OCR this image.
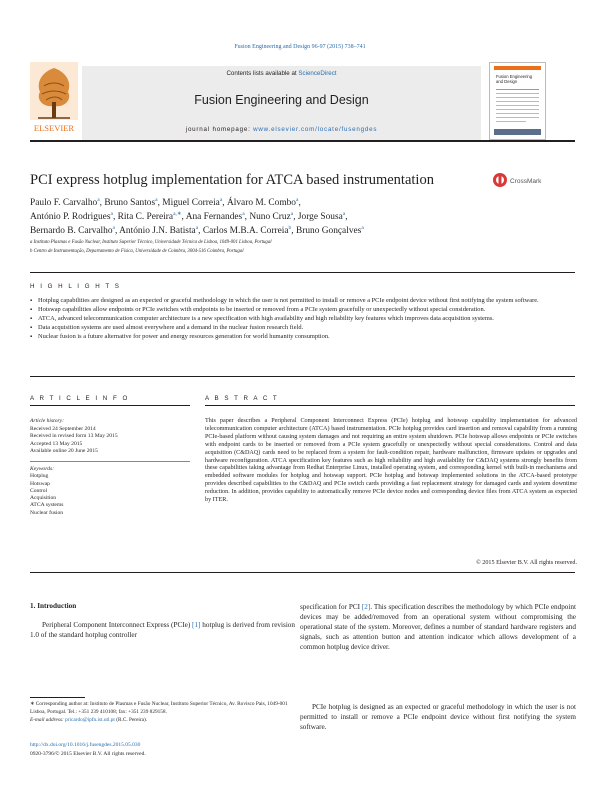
Fusion Engineering and Design 96-97 (2015) 738–741
ELSEVIER
Contents lists available at ScienceDirect
Fusion Engineering and Design
journal homepage: www.elsevier.com/locate/fusengdes
Fusion Engineering
and Design
PCI express hotplug implementation for ATCA based instrumentation	CrossMark
Paulo F. Carvalho$^a$, Bruno Santos$^a$, Miguel Correia$^a$, Álvaro M. Combo$^a$,
António P. Rodrigues$^a$, Rita C. Pereira$^{a,∗}$, Ana Fernandes$^a$, Nuno Cruz$^a$, Jorge Sousa$^a$,
Bernardo B. Carvalho$^a$, António J.N. Batista$^a$, Carlos M.B.A. Correia$^b$, Bruno Gonçalves$^a$
a Instituto Plasmas e Fusão Nuclear, Instituto Superior Técnico, Universidade Técnica de Lisboa, 1049-001 Lisboa, Portugal
b Centro de Instrumentação, Departamento de Física, Universidade de Coimbra, 3004-516 Coimbra, Portugal
H I G H L I G H T S
▪ Hotplug capabilities are designed as an expected or graceful methodology in which the user is not permitted to install or remove a PCIe endpoint device without first notifying the system software.
▪ Hotswap capabilities allow endpoints or PCIe switches with endpoints to be inserted or removed from a PCIe system gracefully or unexpectedly without special consideration.
▪ ATCA, advanced telecommunication computer architecture is a new specification with high availability and high reliability key features which improves data acquisition systems.
▪ Data acquisition systems are used almost everywhere and a demand in the nuclear fusion research field.
▪ Nuclear fusion is a future alternative for power and energy resources generation for world humanity consumption.
A R T I C L E I N F O
Article history:
Received 24 September 2014
Received in revised form 13 May 2015
Accepted 13 May 2015
Available online 20 June 2015
Keywords:
Hotplug
Hotswap
Control
Acquisition
ATCA systems
Nuclear fusion
A B S T R A C T
This paper describes a Peripheral Component Interconnect Express (PCIe) hotplug and hotswap capability implementation for advanced telecommunication computer architecture (ATCA) based instrumentation. PCIe hotplug provides card insertion and removal capability from a running PCIe-based platform without causing system damages and not requiring an entire system shutdown. PCIe hotswap allows endpoints or PCIe switches with endpoint cards to be inserted or removed from a PCIe system gracefully or unexpectedly without special considerations. Control and data acquisition (C&DAQ) cards need to be replaced from a system for fault-condition repair, hardware malfunction, firmware updates or upgrades and hardware reconfiguration. ATCA specification key features such as high reliability and high availability for C&DAQ systems strongly benefits from these capabilities taking advantage from Redhat Enterprise Linux, installed operating system, and corresponding kernel with built-in mechanisms and embedded software modules for hotplug and hotswap support. PCIe hotplug and hotswap implemented solutions in the ATCA-based prototype provides described capabilities to the C&DAQ and PCIe switch cards providing a fast replacement strategy for damaged cards and system downtime reduction. In addition, provides capability to automatically remove PCIe device nodes and corresponding device files from ATCA system as expected by ITER.
© 2015 Elsevier B.V. All rights reserved.
1. Introduction
Peripheral Component Interconnect Express (PCIe) [1] hotplug is derived from revision 1.0 of the standard hotplug controller
specification for PCI [2]. This specification describes the methodology by which PCIe endpoint devices may be added/removed from an operational system without compromising the operational state of the system. Moreover, defines a number of standard hardware registers and signals, such as attention button and attention indicator which allows development of a common hotplug device driver.
PCIe hotplug is designed as an expected or graceful methodology in which the user is not permitted to install or remove a PCIe endpoint device without first notifying the system software.
∗ Corresponding author at: Instituto de Plasmas e Fusão Nuclear, Instituto Superior Técnico, Av. Rovisco Pais, 1049-001 Lisboa, Portugal. Tel.: +351 239 410108; fax: +351 239 829158.
E-mail address: pricardo@ipfn.ist.utl.pt (R.C. Pereira).
http://dx.doi.org/10.1016/j.fusengdes.2015.05.030
0920-3796/© 2015 Elsevier B.V. All rights reserved.
